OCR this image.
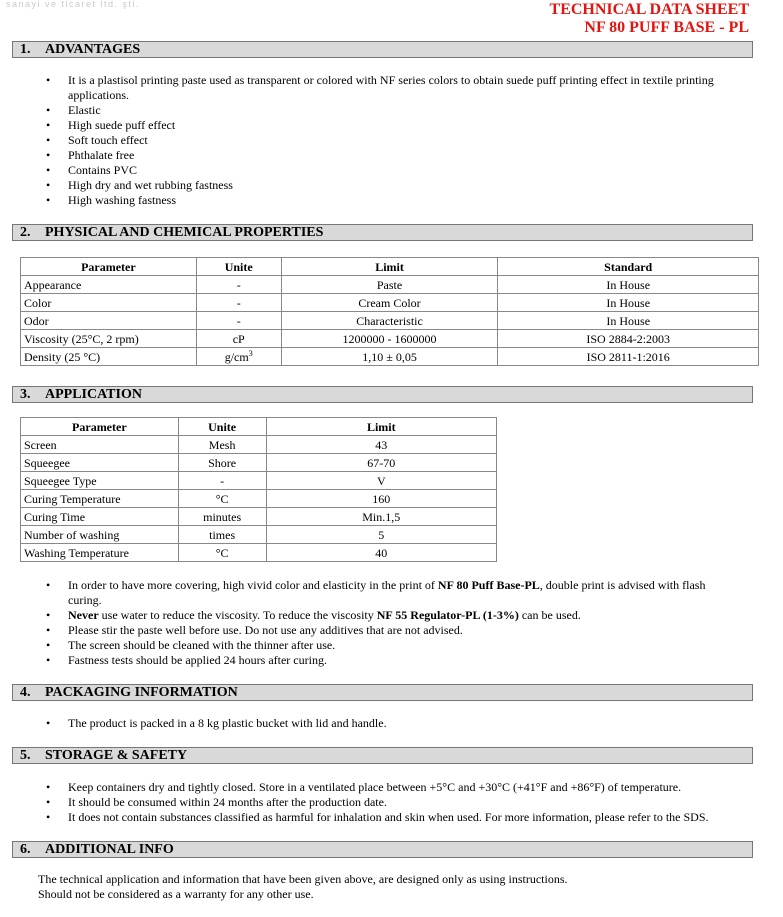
sanayi ve ticaret ltd. şti.	TECHNICAL DATA SHEET
NF 80 PUFF BASE - PL
1. ADVANTAGES
• It is a plastisol printing paste used as transparent or colored with NF series colors to obtain suede puff printing effect in textile printing
applications.
• Elastic
• High suede puff effect
• Soft touch effect
• Phthalate free
• Contains PVC
• High dry and wet rubbing fastness
• High washing fastness
2. PHYSICAL AND CHEMICAL PROPERTIES
Parameter	Unite	Limit	Standard
Appearance	-	Paste	In House
Color	-	Cream Color	In House
Odor	-	Characteristic	In House
Viscosity (25°C, 2 rpm)	cP	1200000 - 1600000	ISO 2884-2:2003
Density (25 °C)	$g/cm^3$	1,10 ± 0,05	ISO 2811-1:2016
3. APPLICATION
Parameter	Unite	Limit
Screen	Mesh	43
Squeegee	Shore	67-70
Squeegee Type	-	V
Curing Temperature	°C	160
Curing Time	minutes	Min.1,5
Number of washing	times	5
Washing Temperature	°C	40
• In order to have more covering, high vivid color and elasticity in the print of NF 80 Puff Base-PL, double print is advised with flash
curing.
• Never use water to reduce the viscosity. To reduce the viscosity NF 55 Regulator-PL (1-3%) can be used.
• Please stir the paste well before use. Do not use any additives that are not advised.
• The screen should be cleaned with the thinner after use.
• Fastness tests should be applied 24 hours after curing.
4. PACKAGING INFORMATION
• The product is packed in a 8 kg plastic bucket with lid and handle.
5. STORAGE & SAFETY
• Keep containers dry and tightly closed. Store in a ventilated place between +5°C and +30°C (+41°F and +86°F) of temperature.
• It should be consumed within 24 months after the production date.
• It does not contain substances classified as harmful for inhalation and skin when used. For more information, please refer to the SDS.
6. ADDITIONAL INFO
The technical application and information that have been given above, are designed only as using instructions.
Should not be considered as a warranty for any other use.
